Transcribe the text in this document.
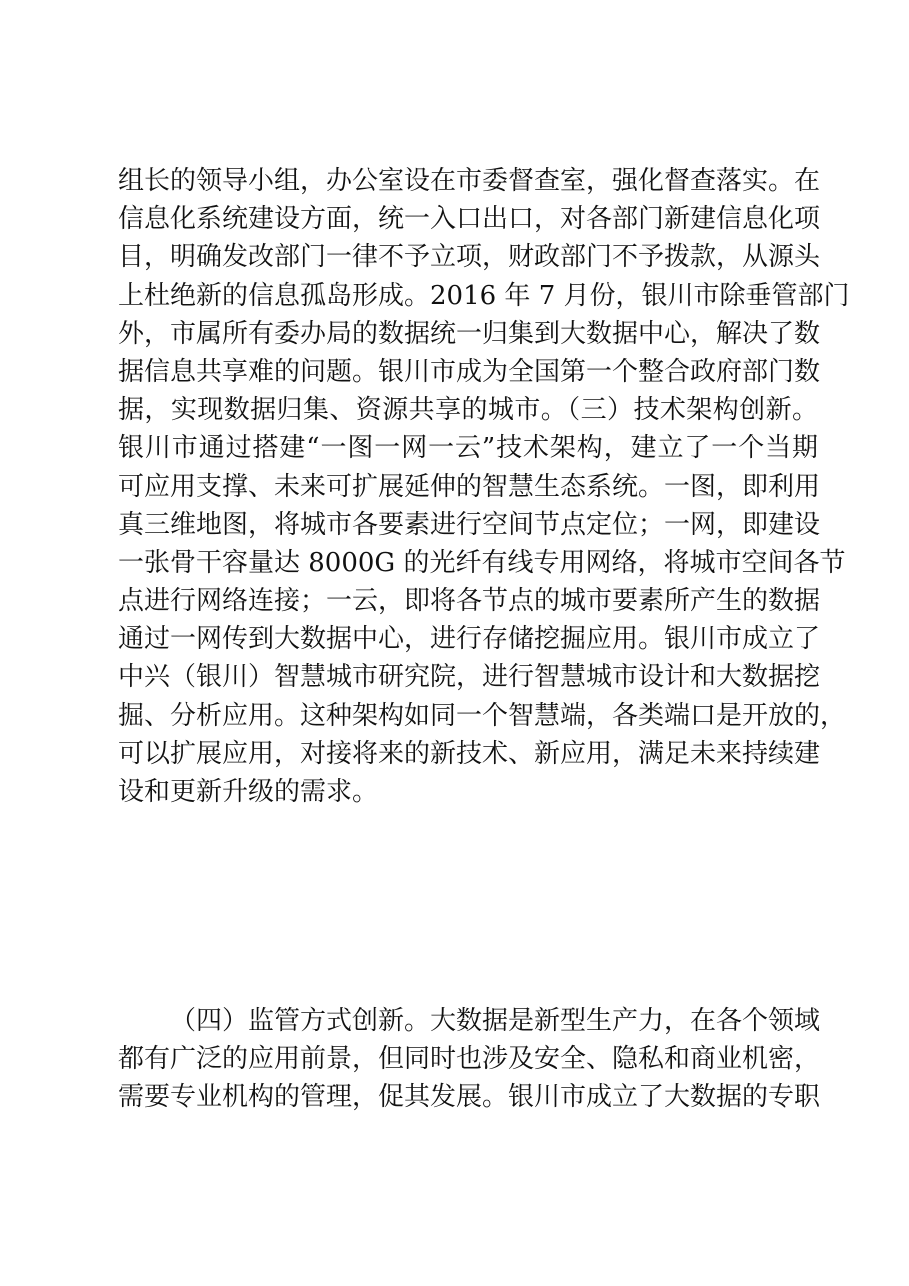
组长的领导小组，办公室设在市委督查室，强化督查落实。在
信息化系统建设方面，统一入口出口，对各部门新建信息化项
目，明确发改部门一律不予立项，财政部门不予拨款，从源头
上杜绝新的信息孤岛形成。2016 年 7 月份，银川市除垂管部门
外，市属所有委办局的数据统一归集到大数据中心，解决了数
据信息共享难的问题。银川市成为全国第一个整合政府部门数
据，实现数据归集、资源共享的城市。（三）技术架构创新。
银川市通过搭建“一图一网一云”技术架构，建立了一个当期
可应用支撑、未来可扩展延伸的智慧生态系统。一图，即利用
真三维地图，将城市各要素进行空间节点定位；一网，即建设
一张骨干容量达 8000G 的光纤有线专用网络，将城市空间各节
点进行网络连接；一云，即将各节点的城市要素所产生的数据
通过一网传到大数据中心，进行存储挖掘应用。银川市成立了
中兴（银川）智慧城市研究院，进行智慧城市设计和大数据挖
掘、分析应用。这种架构如同一个智慧端，各类端口是开放的，
可以扩展应用，对接将来的新技术、新应用，满足未来持续建
设和更新升级的需求。
（四）监管方式创新。大数据是新型生产力，在各个领域
都有广泛的应用前景，但同时也涉及安全、隐私和商业机密，
需要专业机构的管理，促其发展。银川市成立了大数据的专职
